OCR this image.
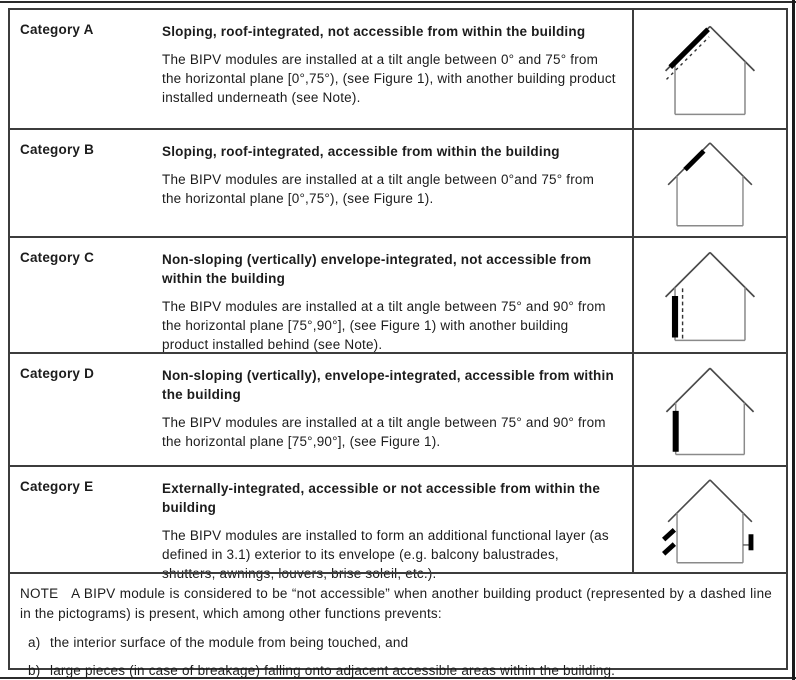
Category A	Sloping, roof-integrated, not accessible from within the building

The BIPV modules are installed at a tilt angle between 0° and 75° from the horizontal plane [0°,75°), (see Figure 1), with another building product installed underneath (see Note).

Category B	Sloping, roof-integrated, accessible from within the building

The BIPV modules are installed at a tilt angle between 0°and 75° from the horizontal plane [0°,75°), (see Figure 1).

Category C	Non-sloping (vertically) envelope-integrated, not accessible from within the building

The BIPV modules are installed at a tilt angle between 75° and 90° from the horizontal plane [75°,90°], (see Figure 1) with another building product installed behind (see Note).

Category D	Non-sloping (vertically), envelope-integrated, accessible from within the building

The BIPV modules are installed at a tilt angle between 75° and 90° from the horizontal plane [75°,90°], (see Figure 1).

Category E	Externally-integrated, accessible or not accessible from within the building

The BIPV modules are installed to form an additional functional layer (as defined in 3.1) exterior to its envelope (e.g. balcony balustrades, shutters, awnings, louvers, brise soleil, etc.).

NOTE A BIPV module is considered to be “not accessible” when another building product (represented by a dashed line in the pictograms) is present, which among other functions prevents:

a) the interior surface of the module from being touched, and
b) large pieces (in case of breakage) falling onto adjacent accessible areas within the building.
